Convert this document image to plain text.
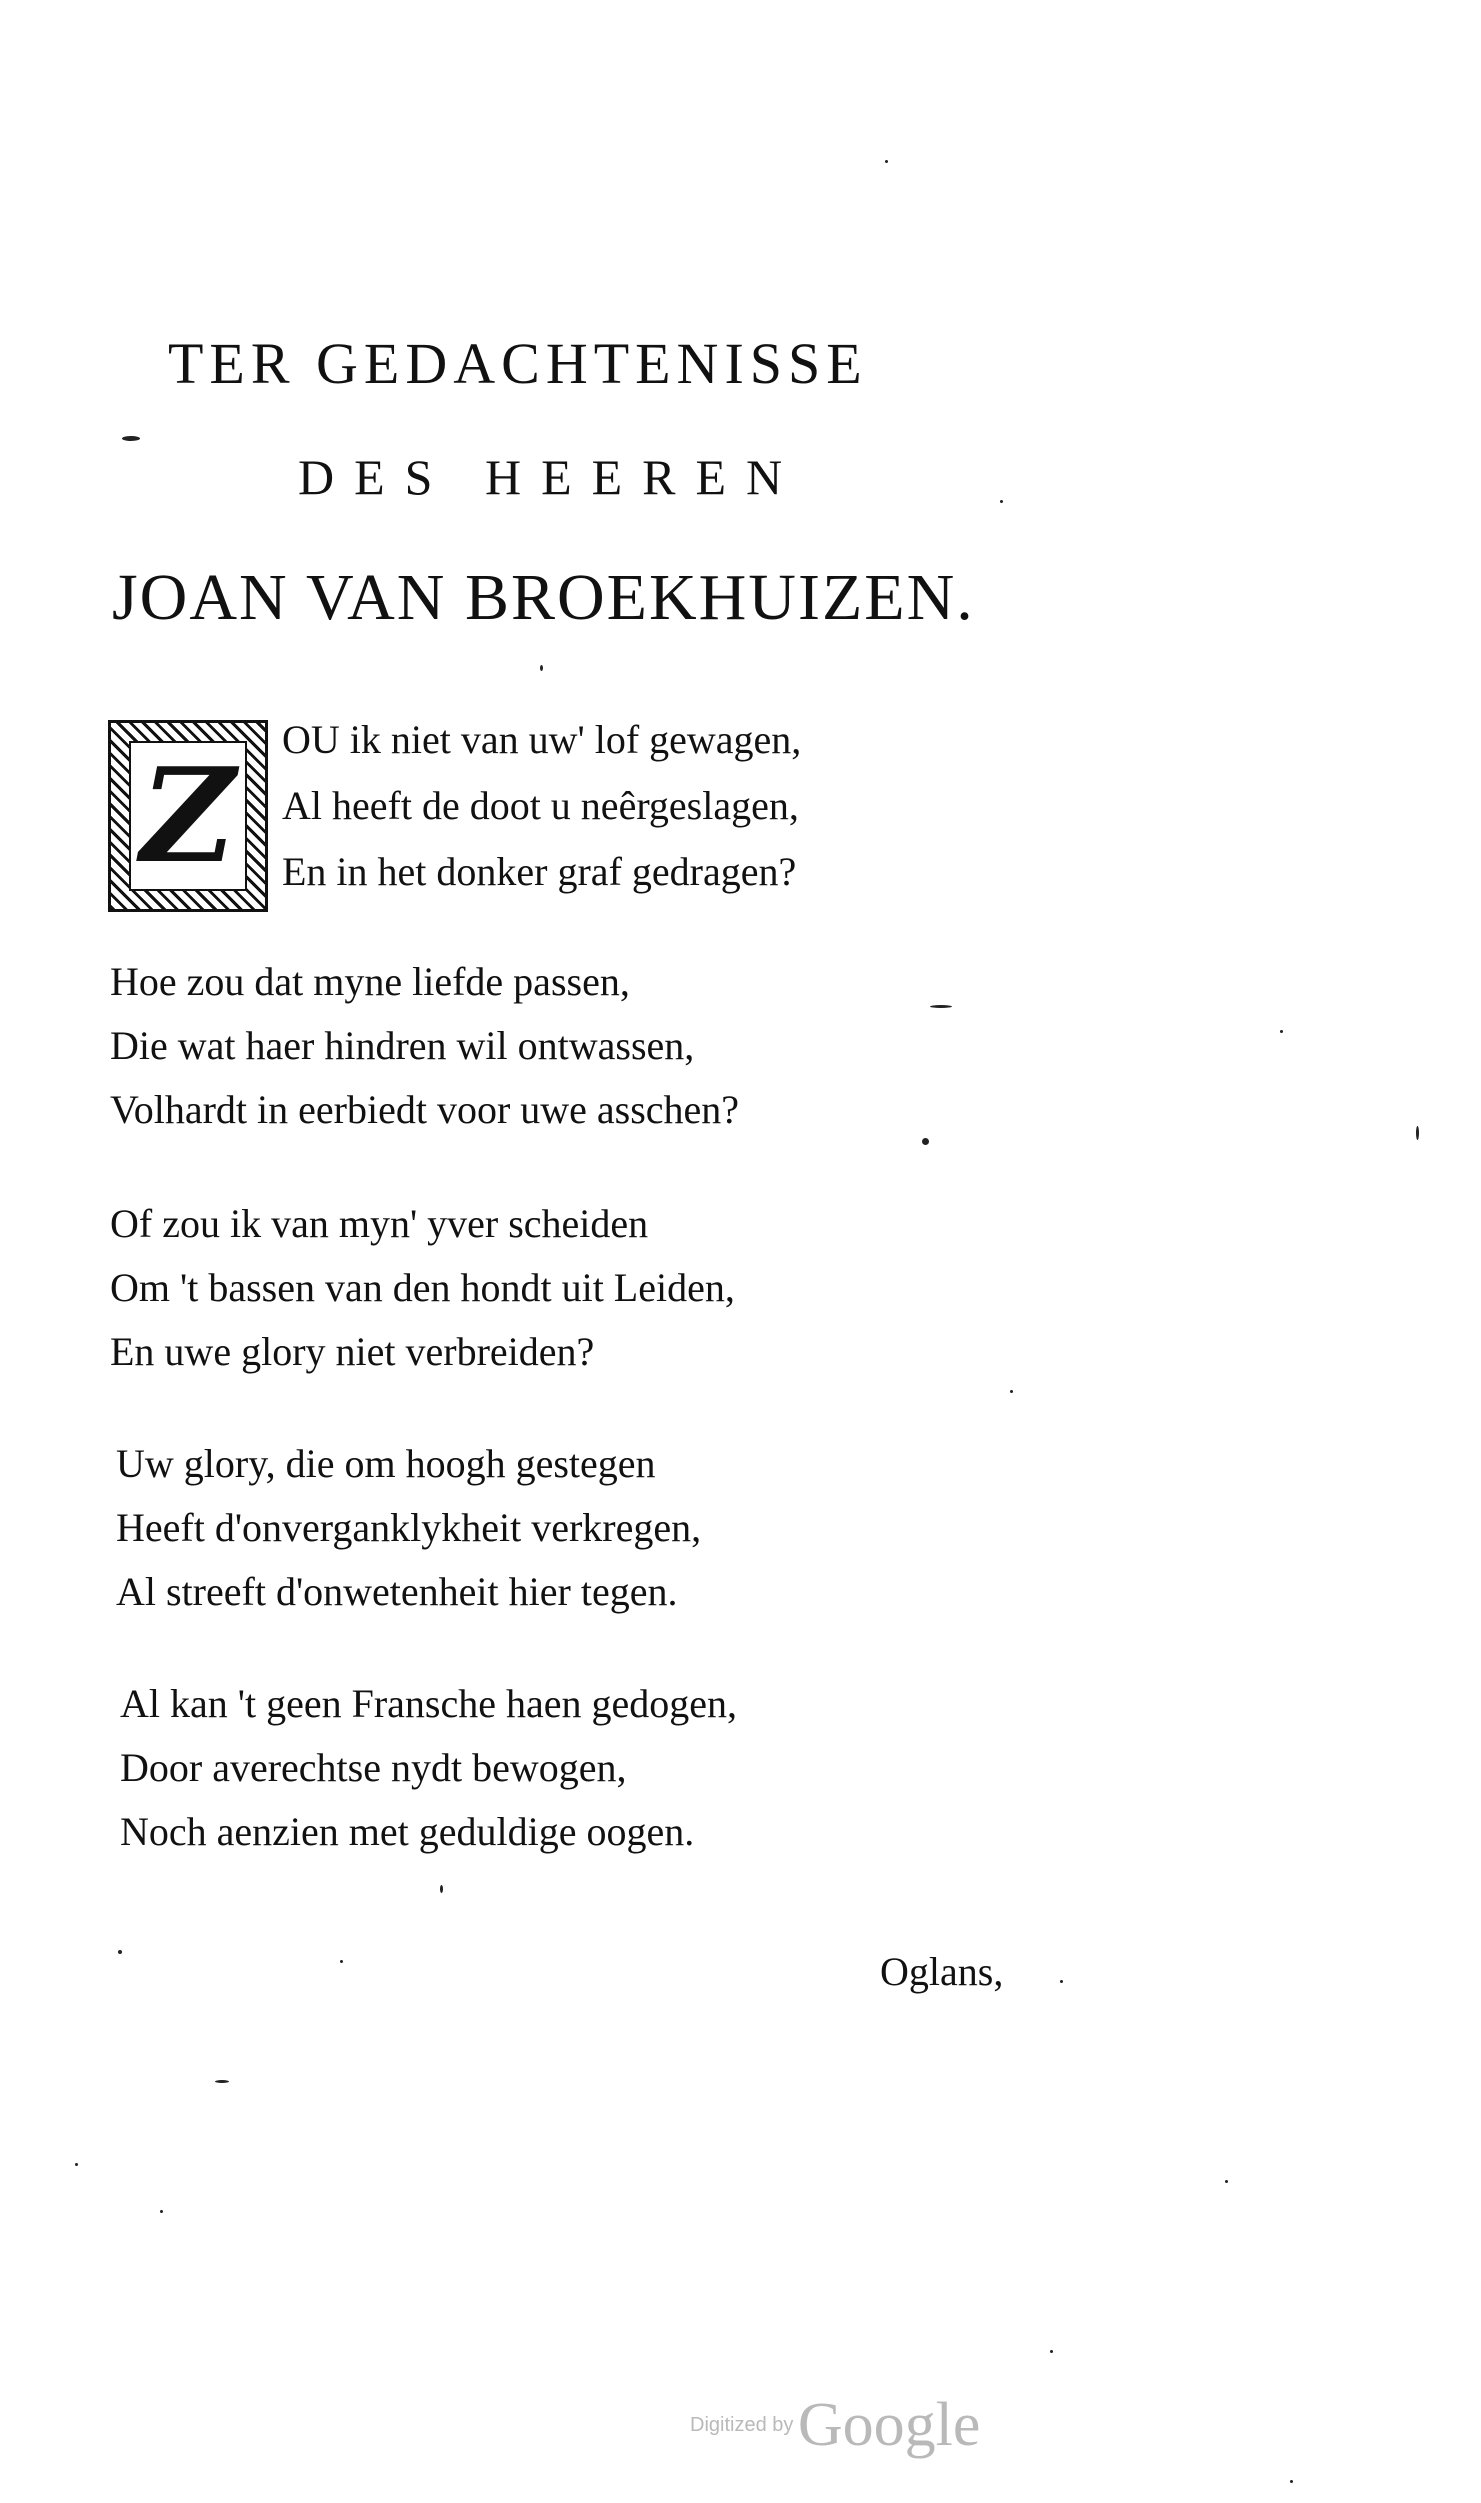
TER GEDACHTENISSE
DES HEEREN
JOAN VAN BROEKHUIZEN.
Z OU ik niet van uw' lof gewagen,
Al heeft de doot u neêrgeslagen,
En in het donker graf gedragen?
Hoe zou dat myne liefde passen,
Die wat haer hindren wil ontwassen,
Volhardt in eerbiedt voor uwe asschen?
Of zou ik van myn' yver scheiden
Om 't bassen van den hondt uit Leiden,
En uwe glory niet verbreiden?
Uw glory, die om hoogh gestegen
Heeft d'onverganklykheit verkregen,
Al streeft d'onwetenheit hier tegen.
Al kan 't geen Fransche haen gedogen,
Door averechtse nydt bewogen,
Noch aenzien met geduldige oogen.
Oglans,
Digitized by Google
